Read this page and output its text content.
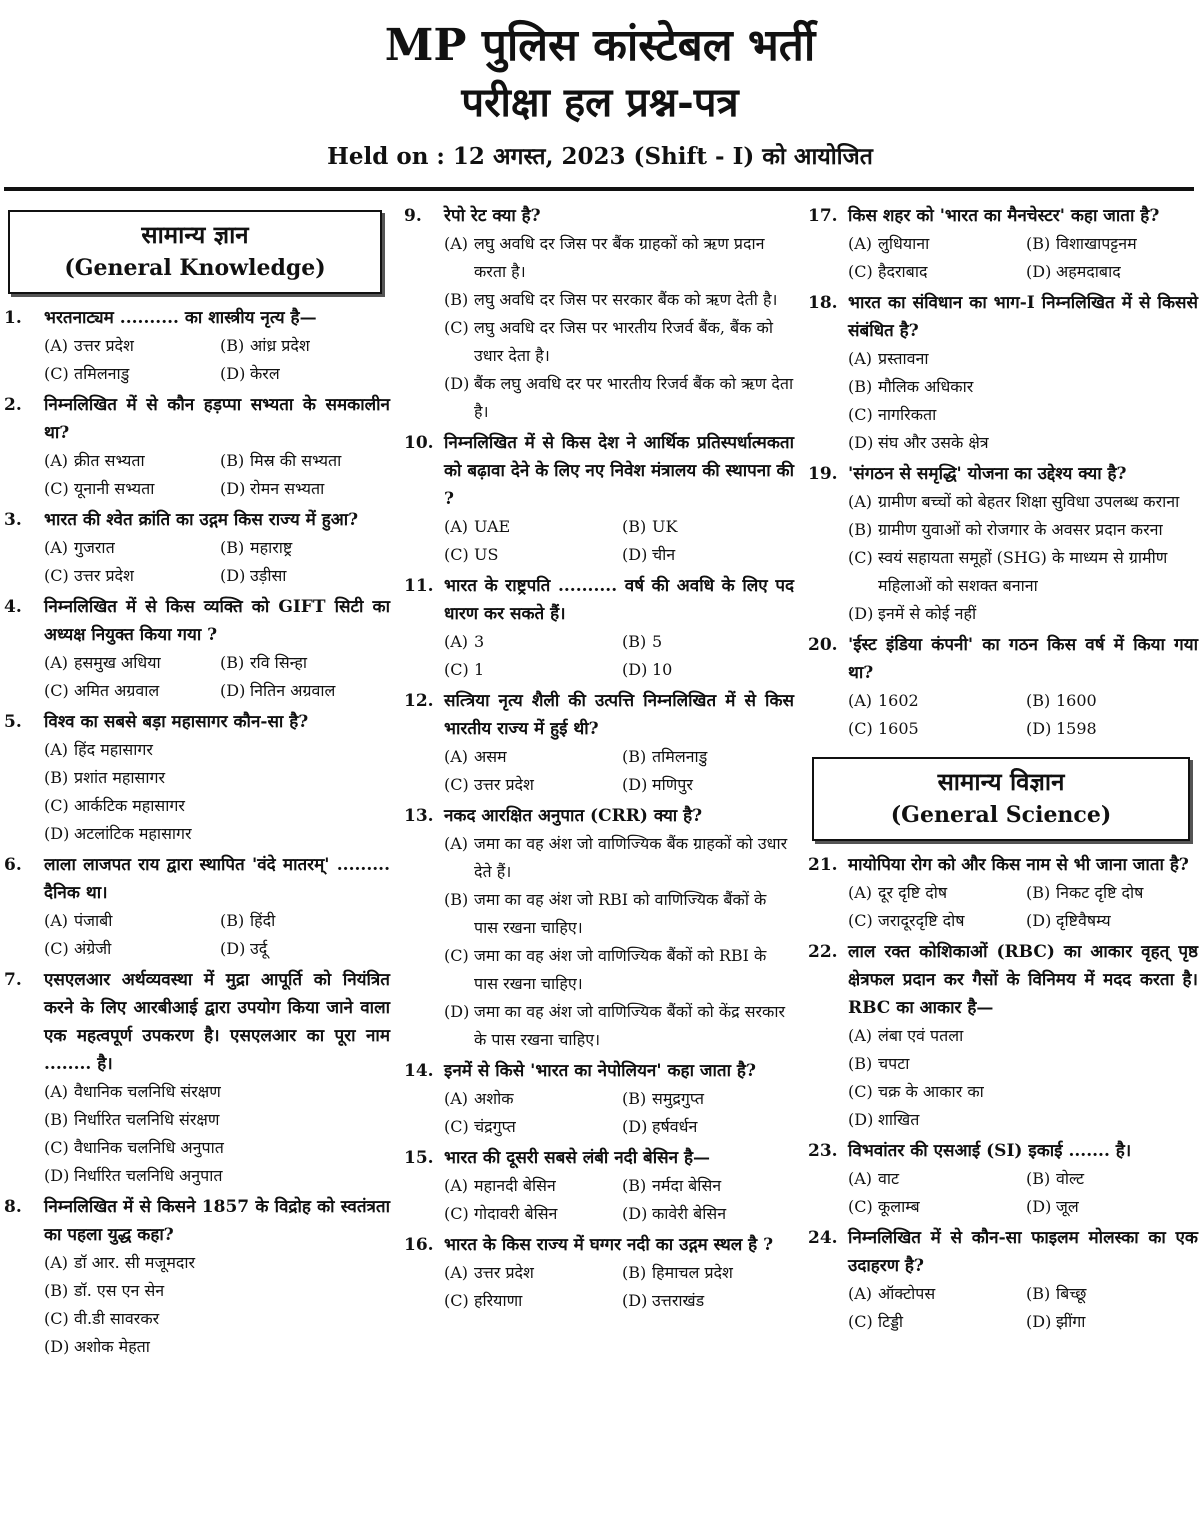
MP पुलिस कांस्टेबल भर्ती
परीक्षा हल प्रश्न-पत्र
Held on : 12 अगस्त, 2023 (Shift - I) को आयोजित
सामान्य ज्ञान
(General Knowledge)
1.	भरतनाट्यम .......... का शास्त्रीय नृत्य है—
(A) उत्तर प्रदेश	(B) आंध्र प्रदेश
(C) तमिलनाडु	(D) केरल
2.	निम्नलिखित में से कौन हड़प्पा सभ्यता के समकालीन था?
(A) क्रीत सभ्यता	(B) मिस्र की सभ्यता
(C) यूनानी सभ्यता	(D) रोमन सभ्यता
3.	भारत की श्वेत क्रांति का उद्गम किस राज्य में हुआ?
(A) गुजरात	(B) महाराष्ट्र
(C) उत्तर प्रदेश	(D) उड़ीसा
4.	निम्नलिखित में से किस व्यक्ति को GIFT सिटी का अध्यक्ष नियुक्त किया गया ?
(A) हसमुख अधिया	(B) रवि सिन्हा
(C) अमित अग्रवाल	(D) नितिन अग्रवाल
5.	विश्व का सबसे बड़ा महासागर कौन-सा है?
(A) हिंद महासागर
(B) प्रशांत महासागर
(C) आर्कटिक महासागर
(D) अटलांटिक महासागर
6.	लाला लाजपत राय द्वारा स्थापित 'वंदे मातरम्' ......... दैनिक था।
(A) पंजाबी	(B) हिंदी
(C) अंग्रेजी	(D) उर्दू
7.	एसएलआर अर्थव्यवस्था में मुद्रा आपूर्ति को नियंत्रित करने के लिए आरबीआई द्वारा उपयोग किया जाने वाला एक महत्वपूर्ण उपकरण है। एसएलआर का पूरा नाम ........ है।
(A) वैधानिक चलनिधि संरक्षण
(B) निर्धारित चलनिधि संरक्षण
(C) वैधानिक चलनिधि अनुपात
(D) निर्धारित चलनिधि अनुपात
8.	निम्नलिखित में से किसने 1857 के विद्रोह को स्वतंत्रता का पहला युद्ध कहा?
(A) डॉ आर. सी मजूमदार
(B) डॉ. एस एन सेन
(C) वी.डी सावरकर
(D) अशोक मेहता
9.	रेपो रेट क्या है?
(A) लघु अवधि दर जिस पर बैंक ग्राहकों को ऋण प्रदान करता है।
(B) लघु अवधि दर जिस पर सरकार बैंक को ऋण देती है।
(C) लघु अवधि दर जिस पर भारतीय रिजर्व बैंक, बैंक को उधार देता है।
(D) बैंक लघु अवधि दर पर भारतीय रिजर्व बैंक को ऋण देता है।
10. निम्नलिखित में से किस देश ने आर्थिक प्रतिस्पर्धात्मकता को बढ़ावा देने के लिए नए निवेश मंत्रालय की स्थापना की ?
(A) UAE	(B) UK
(C) US	(D) चीन
11. भारत के राष्ट्रपति .......... वर्ष की अवधि के लिए पद धारण कर सकते हैं।
(A) 3	(B) 5
(C) 1	(D) 10
12. सत्त्रिया नृत्य शैली की उत्पत्ति निम्नलिखित में से किस भारतीय राज्य में हुई थी?
(A) असम	(B) तमिलनाडु
(C) उत्तर प्रदेश	(D) मणिपुर
13. नकद आरक्षित अनुपात (CRR) क्या है?
(A) जमा का वह अंश जो वाणिज्यिक बैंक ग्राहकों को उधार देते हैं।
(B) जमा का वह अंश जो RBI को वाणिज्यिक बैंकों के पास रखना चाहिए।
(C) जमा का वह अंश जो वाणिज्यिक बैंकों को RBI के पास रखना चाहिए।
(D) जमा का वह अंश जो वाणिज्यिक बैंकों को केंद्र सरकार के पास रखना चाहिए।
14. इनमें से किसे 'भारत का नेपोलियन' कहा जाता है?
(A) अशोक	(B) समुद्रगुप्त
(C) चंद्रगुप्त	(D) हर्षवर्धन
15. भारत की दूसरी सबसे लंबी नदी बेसिन है—
(A) महानदी बेसिन	(B) नर्मदा बेसिन
(C) गोदावरी बेसिन	(D) कावेरी बेसिन
16. भारत के किस राज्य में घग्गर नदी का उद्गम स्थल है ?
(A) उत्तर प्रदेश	(B) हिमाचल प्रदेश
(C) हरियाणा	(D) उत्तराखंड
17. किस शहर को 'भारत का मैनचेस्टर' कहा जाता है?
(A) लुधियाना	(B) विशाखापट्टनम
(C) हैदराबाद	(D) अहमदाबाद
18. भारत का संविधान का भाग-I निम्नलिखित में से किससे संबंधित है?
(A) प्रस्तावना
(B) मौलिक अधिकार
(C) नागरिकता
(D) संघ और उसके क्षेत्र
19. 'संगठन से समृद्धि' योजना का उद्देश्य क्या है?
(A) ग्रामीण बच्चों को बेहतर शिक्षा सुविधा उपलब्ध कराना
(B) ग्रामीण युवाओं को रोजगार के अवसर प्रदान करना
(C) स्वयं सहायता समूहों (SHG) के माध्यम से ग्रामीण महिलाओं को सशक्त बनाना
(D) इनमें से कोई नहीं
20. 'ईस्ट इंडिया कंपनी' का गठन किस वर्ष में किया गया था?
(A) 1602	(B) 1600
(C) 1605	(D) 1598
सामान्य विज्ञान
(General Science)
21. मायोपिया रोग को और किस नाम से भी जाना जाता है?
(A) दूर दृष्टि दोष	(B) निकट दृष्टि दोष
(C) जरादूरदृष्टि दोष	(D) दृष्टिवैषम्य
22. लाल रक्त कोशिकाओं (RBC) का आकार वृहत् पृष्ठ क्षेत्रफल प्रदान कर गैसों के विनिमय में मदद करता है। RBC का आकार है—
(A) लंबा एवं पतला
(B) चपटा
(C) चक्र के आकार का
(D) शाखित
23. विभवांतर की एसआई (SI) इकाई ....... है।
(A) वाट	(B) वोल्ट
(C) कूलाम्ब	(D) जूल
24. निम्नलिखित में से कौन-सा फाइलम मोलस्का का एक उदाहरण है?
(A) ऑक्टोपस	(B) बिच्छू
(C) टिड्डी	(D) झींगा
